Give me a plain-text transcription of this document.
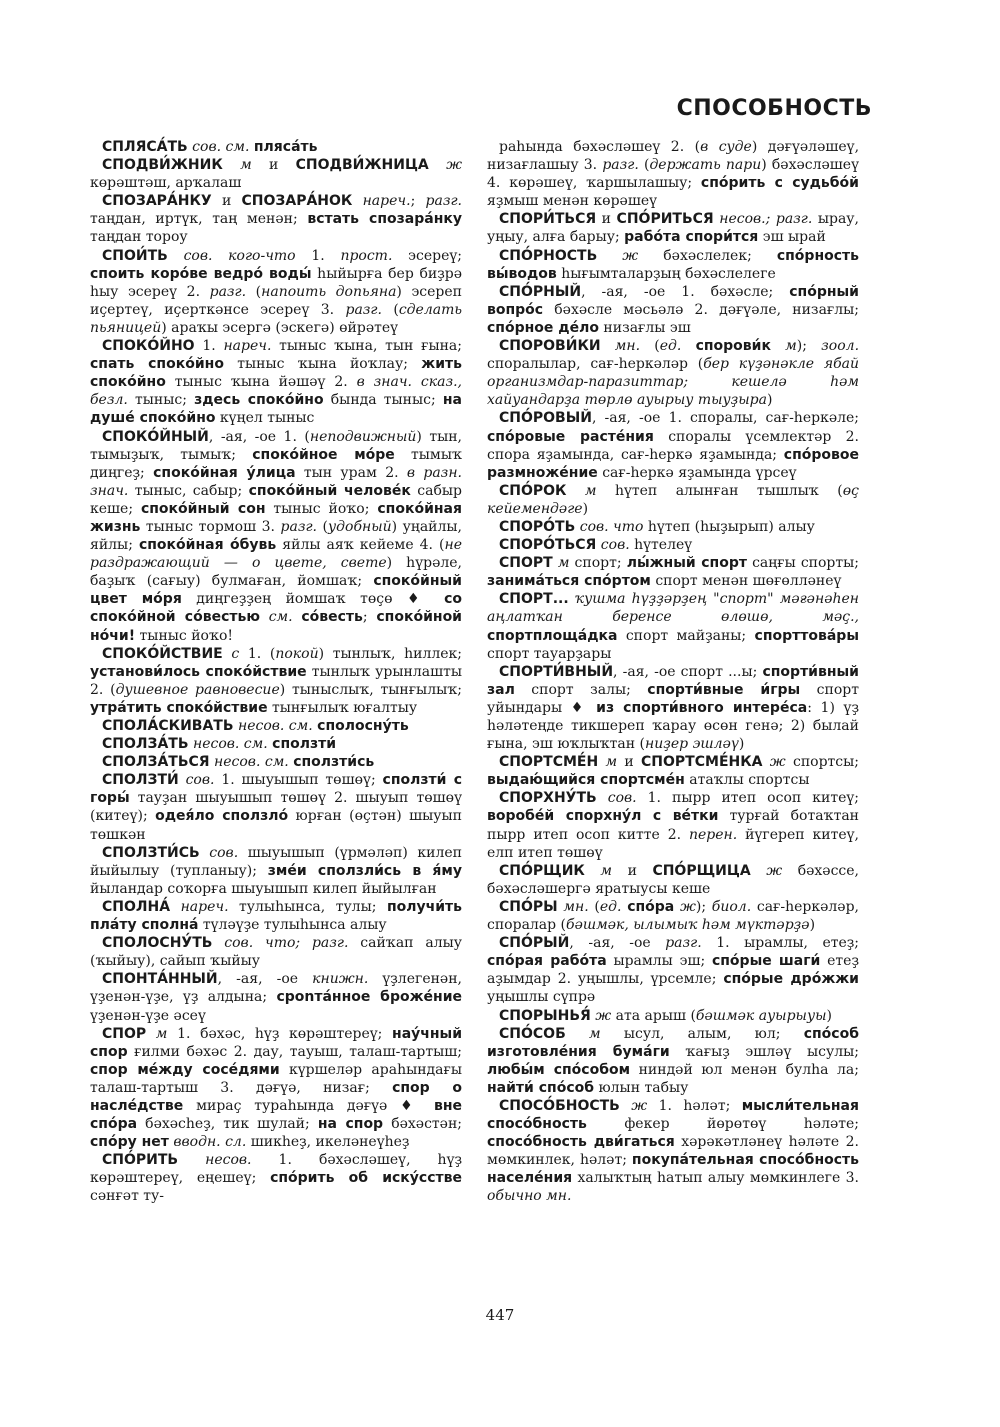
СПОСОБНОСТЬ

СПЛЯСА́ТЬ сов. см. пляса́ть

СПОДВИ́ЖНИК м и СПОДВИ́ЖНИЦА ж көрәштәш, арҡалаш

СПОЗАРА́НКУ и СПОЗАРА́НОК нареч.; разг. таңдан, иртүк, таң менән; встать спозара́нку таңдан тороу

СПОИ́ТЬ сов. кого-что 1. прост. эсереү; споить коро́ве ведро́ воды́ һыйырға бер биҙрә һыу эсереү 2. разг. (напоить допьяна) эсереп иҫертеү, иҫерткәнсе эсереү 3. разг. (сделать пьяницей) араҡы эсергә (эскегә) өйрәтеү

СПОКО́ЙНО 1. нареч. тыныс ҡына, тын ғына; спать споко́йно тыныс ҡына йоҡлау; жить споко́йно тыныс ҡына йәшәү 2. в знач. сказ., безл. тыныс; здесь споко́йно бында тыныс; на душе́ споко́йно күңел тыныс

СПОКО́ЙНЫЙ, -ая, -ое 1. (неподвижный) тын, тымыҙыҡ, тымыҡ; споко́йное мо́ре тымыҡ диңгеҙ; споко́йная у́лица тын урам 2. в разн. знач. тыныс, сабыр; споко́йный челове́к сабыр кеше; споко́йный сон тыныс йоҡо; споко́йная жизнь тыныс тормош 3. разг. (удобный) уңайлы, яйлы; споко́йная о́бувь яйлы аяҡ кейеме 4. (не раздражающий — о цвете, свете) һүрәле, баҙыҡ (сағыу) булмаған, йомшаҡ; споко́йный цвет мо́ря диңгеҙҙең йомшаҡ төҫө ♦ со споко́йной со́вестью см. со́весть; споко́йной но́чи! тыныс йоҡо!

СПОКО́ЙСТВИЕ с 1. (покой) тынлыҡ, һиллек; установи́лось споко́йствие тынлыҡ урынлашты 2. (душевное равновесие) тыныслыҡ, тынғылыҡ; утра́тить споко́йствие тынғылыҡ юғалтыу

СПОЛА́СКИВАТЬ несов. см. сполосну́ть

СПОЛЗА́ТЬ несов. см. сползти́

СПОЛЗА́ТЬСЯ несов. см. сползти́сь

СПОЛЗТИ́ сов. 1. шыуышып төшөү; сползти́ с горы́ тауҙан шыуышып төшөү 2. шыуып төшөү (китеү); одея́ло сползло́ юрған (өҫтән) шыуып төшкән

СПОЛЗТИ́СЬ сов. шыуышып (үрмәләп) килеп йыйылыу (тупланыу); зме́и сползли́сь в я́му йыландар соҡорға шыуышып килеп йыйылған

СПОЛНА́ нареч. тулыһынса, тулы; получи́ть пла́ту сполна́ түләүҙе тулыһынса алыу

СПОЛОСНУ́ТЬ сов. что; разг. сайҡап алыу (ҡыйыу), сайып ҡыйыу

СПОНТА́ННЫЙ, -ая, -ое книжн. үҙлегенән, үҙенән-үҙе, үҙ алдына; сponта́нное броже́ние үҙенән-үҙе әсеү

СПОР м 1. бәхәс, һүҙ көрәштереү; нау́чный спор ғилми бәхәс 2. дау, тауыш, талаш-тартыш; спор ме́жду сосе́дями күршеләр араһындағы талаш-тартыш 3. дәғүә, низағ; спор о насле́дстве мираҫ тураһында дәғүә ♦ вне спо́ра бәхәсһеҙ, тик шулай; на спор бәхәстән; спо́ру нет вводн. сл. шикһеҙ, икеләнеүһеҙ

СПО́РИТЬ несов. 1. бәхәсләшеү, һүҙ көрәштереү, еңешеү; спо́рить об иску́сстве сәнғәт ту-

раһында бәхәсләшеү 2. (в суде) дәғүәләшеү, низағлашыу 3. разг. (держать пари) бәхәсләшеү 4. көрәшеү, ҡаршылашыу; спо́рить с судьбо́й яҙмыш менән көрәшеү

СПОРИ́ТЬСЯ и СПО́РИТЬСЯ несов.; разг. ырау, уңыу, алға барыу; рабо́та спори́тся эш ырай

СПО́РНОСТЬ ж бәхәслелек; спо́рность вы́водов һығымталарҙың бәхәслелеге

СПО́РНЫЙ, -ая, -ое 1. бәхәсле; спо́рный вопро́с бәхәсле мәсьәлә 2. дәғүәле, низағлы; спо́рное де́ло низағлы эш

СПОРОВИ́КИ мн. (ед. спорови́к м); зоол. споралылар, сағ-һеркәләр (бер күҙәнәкле ябай организмдар-паразиттар; кешелә һәм хайуандарҙа төрлө ауырыу тыуҙыра)

СПО́РОВЫЙ, -ая, -ое 1. споралы, сағ-һеркәле; спо́ровые расте́ния споралы үсемлектәр 2. спора яҙамында, сағ-һеркә яҙамында; спо́ровое размноже́ние сағ-һеркә яҙамында үрсеү

СПО́РОК м һүтеп алынған тышлыҡ (өҫ кейемендәге)

СПОРО́ТЬ сов. что һүтеп (һыҙырып) алыу

СПОРО́ТЬСЯ сов. һүтелеү

СПОРТ м спорт; лы́жный спорт саңғы спорты; занима́ться спо́ртом спорт менән шөғөлләнеү

СПОРТ... ҡушма һүҙҙәрҙең "спорт" мәғәнәһен аңлатҡан беренсе өлөшө, мәҫ., спортплоща́дка спорт майҙаны; спорттова́ры спорт тауарҙары

СПОРТИ́ВНЫЙ, -ая, -ое спорт ...ы; спорти́вный зал спорт залы; спорти́вные и́гры спорт уйындары ♦ из спорти́вного интере́са: 1) үҙ һәләтеңде тикшереп ҡарау өсөн генә; 2) былай ғына, эш юҡлыҡтан (ниҙер эшләү)

СПОРТСМЕ́Н м и СПОРТСМЕ́НКА ж спортсы; выдаю́щийся спортсме́н атаҡлы спортсы

СПОРХНУ́ТЬ сов. 1. пырр итеп осоп китеү; воробе́й спорхну́л с ве́тки турғай ботаҡтан пырр итеп осоп китте 2. перен. йүгереп китеү, елп итеп төшөү

СПО́РЩИК м и СПО́РЩИЦА ж бәхәссе, бәхәсләшергә яратыусы кеше

СПО́РЫ мн. (ед. спо́ра ж); биол. сағ-һеркәләр, споралар (бәшмәк, ылымыҡ һәм мүктәрҙә)

СПО́РЫЙ, -ая, -ое разг. 1. ырамлы, етеҙ; спо́рая рабо́та ырамлы эш; спо́рые шаги́ етеҙ аҙымдар 2. уңышлы, үрсемле; спо́рые дро́жжи уңышлы сүпрә

СПОРЫНЬЯ́ ж ата арыш (бәшмәк ауырыуы)

СПО́СОБ м ысул, алым, юл; спо́соб изготовле́ния бума́ги ҡағыҙ эшләү ысулы; любы́м спо́собом ниндәй юл менән булһа ла; найти́ спо́соб юлын табыу

СПОСО́БНОСТЬ ж 1. һәләт; мысли́тельная спосо́бность фекер йөрөтөү һәләте; спосо́бность дви́гаться хәрәкәтләнеү һәләте 2. мөмкинлек, һәләт; покупа́тельная спосо́бность населе́ния халыҡтың һатып алыу мөмкинлеге 3. обычно мн.

447
